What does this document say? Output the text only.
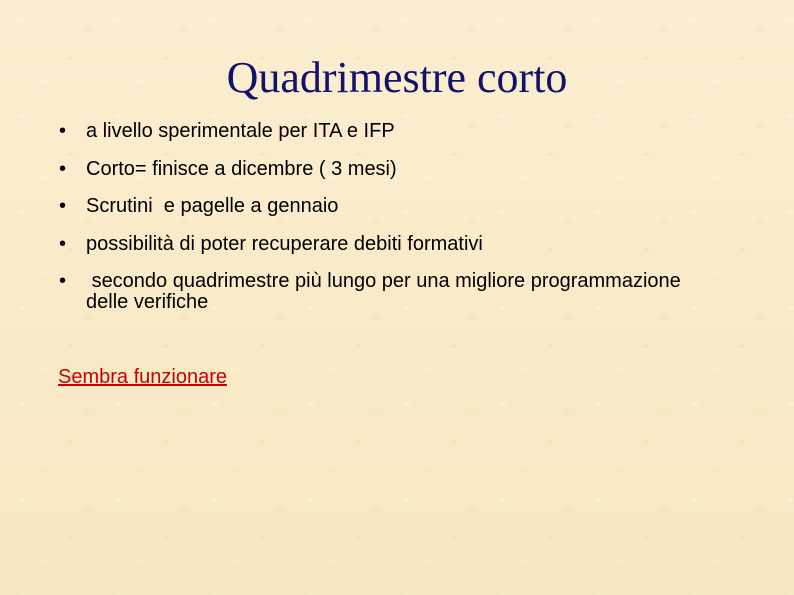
Quadrimestre corto
• a livello sperimentale per ITA e IFP
• Corto= finisce a dicembre ( 3 mesi)
• Scrutini  e pagelle a gennaio
• possibilità di poter recuperare debiti formativi
• secondo quadrimestre più lungo per una migliore programmazione delle verifiche
Sembra funzionare
